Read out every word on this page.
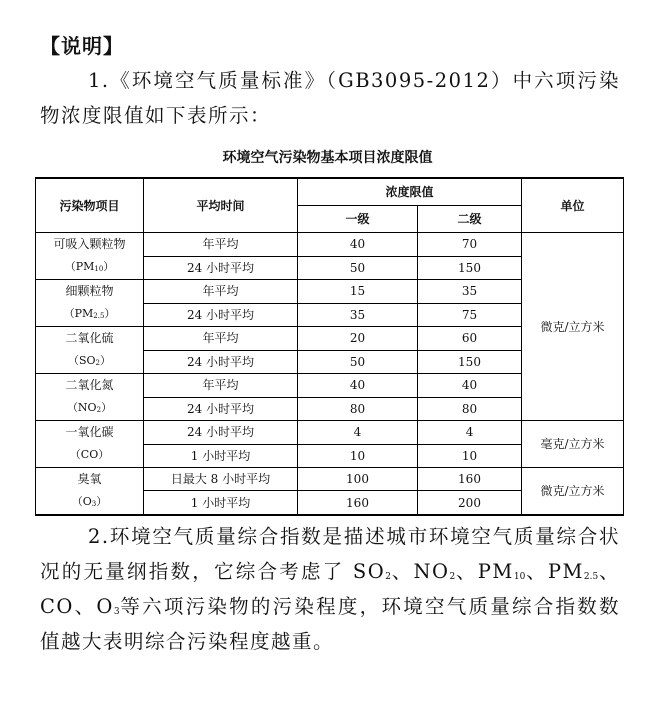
【说明】
1.《环境空气质量标准》（GB3095-2012）中六项污染物浓度限值如下表所示：
环境空气污染物基本项目浓度限值
污染物项目	平均时间	浓度限值		单位
		一级	二级	

可吸入颗粒物
$(PM_{10})$	年平均	40	70	微克/立方米
	24 小时平均	50	150	

细颗粒物
$(PM_{2.5})$	年平均	15	35	
	24 小时平均	35	75	

二氧化硫
$(SO_2)$	年平均	20	60	
	24 小时平均	50	150	

二氧化氮
$(NO_2)$	年平均	40	40	
	24 小时平均	80	80	

一氧化碳
（CO）	24 小时平均	4	4	毫克/立方米
	1 小时平均	10	10	

臭氧
$(O_3)$	日最大 8 小时平均	100	160	微克/立方米
	1 小时平均	160	200	
2.环境空气质量综合指数是描述城市环境空气质量综合状况的无量纲指数，它综合考虑了 $SO_2$、$NO_2$、$PM_{10}$、$PM_{2.5}$、CO、$O_3$等六项污染物的污染程度，环境空气质量综合指数数值越大表明综合污染程度越重。
